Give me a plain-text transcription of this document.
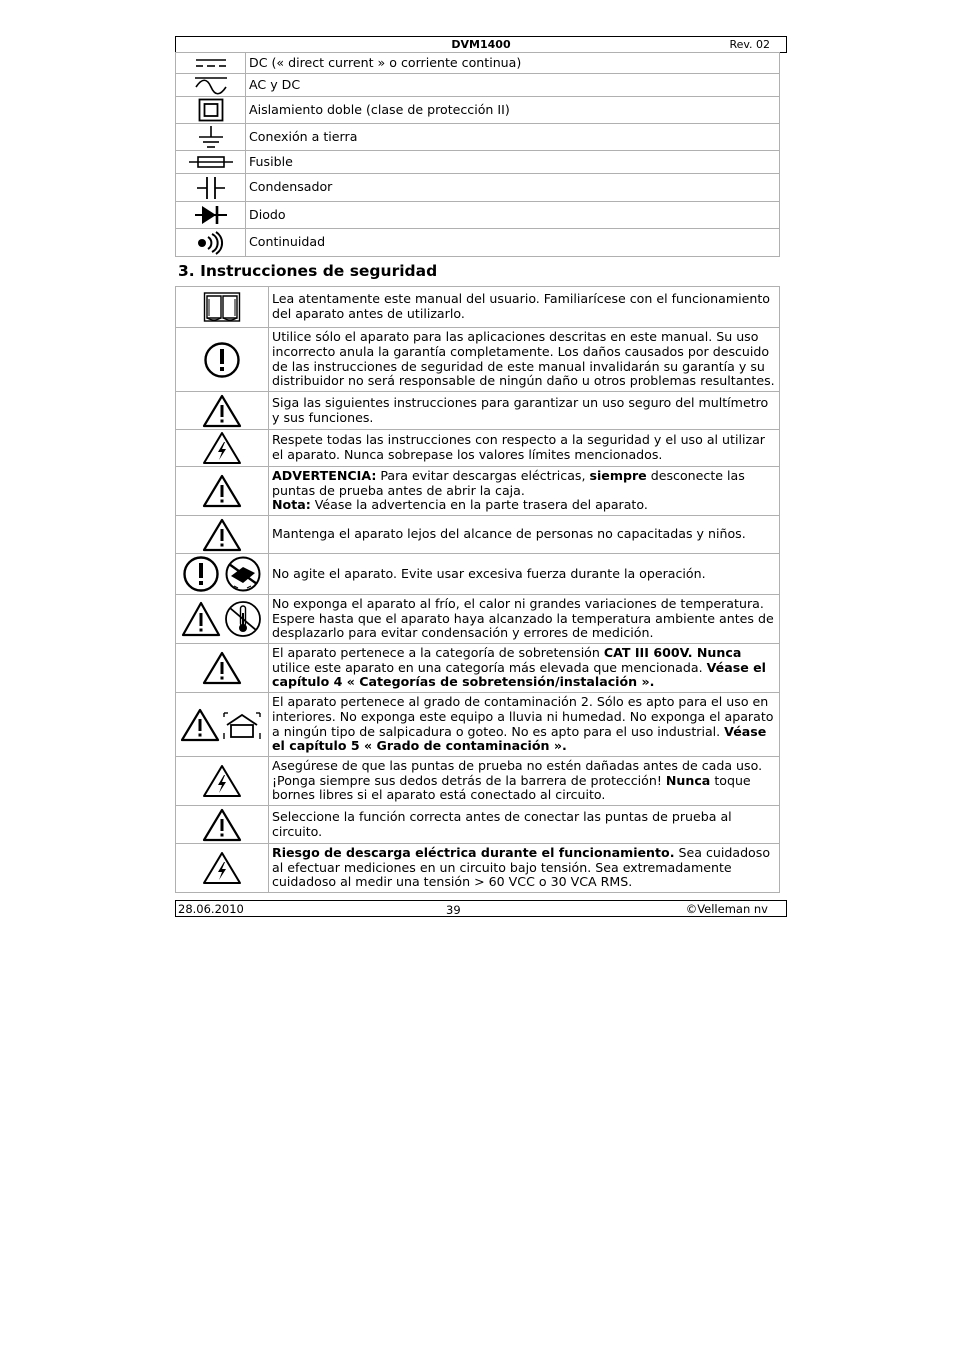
DVM1400	Rev. 02
	DC (« direct current » o corriente continua)

	AC y DC

	Aislamiento doble (clase de protección II)

	Conexión a tierra

	Fusible

	Condensador

	Diodo

	Continuidad
3. Instrucciones de seguridad
	Lea atentamente este manual del usuario. Familiarícese con el funcionamiento del aparato antes de utilizarlo.

	Utilice sólo el aparato para las aplicaciones descritas en este manual. Su uso incorrecto anula la garantía completamente. Los daños causados por descuido de las instrucciones de seguridad de este manual invalidarán su garantía y su distribuidor no será responsable de ningún daño u otros problemas resultantes.

	Siga las siguientes instrucciones para garantizar un uso seguro del multímetro y sus funciones.

	Respete todas las instrucciones con respecto a la seguridad y el uso al utilizar el aparato. Nunca sobrepase los valores límites mencionados.

	ADVERTENCIA: Para evitar descargas eléctricas, siempre desconecte las puntas de prueba antes de abrir la caja.
Nota: Véase la advertencia en la parte trasera del aparato.

	Mantenga el aparato lejos del alcance de personas no capacitadas y niños.

	No agite el aparato. Evite usar excesiva fuerza durante la operación.

	No exponga el aparato al frío, el calor ni grandes variaciones de temperatura. Espere hasta que el aparato haya alcanzado la temperatura ambiente antes de desplazarlo para evitar condensación y errores de medición.

	El aparato pertenece a la categoría de sobretensión CAT III 600V. Nunca utilice este aparato en una categoría más elevada que mencionada. Véase el capítulo 4 « Categorías de sobretensión/instalación ».

	El aparato pertenece al grado de contaminación 2. Sólo es apto para el uso en interiores. No exponga este equipo a lluvia ni humedad. No exponga el aparato a ningún tipo de salpicadura o goteo. No es apto para el uso industrial. Véase el capítulo 5 « Grado de contaminación ».

	Asegúrese de que las puntas de prueba no estén dañadas antes de cada uso. ¡Ponga siempre sus dedos detrás de la barrera de protección! Nunca toque bornes libres si el aparato está conectado al circuito.

	Seleccione la función correcta antes de conectar las puntas de prueba al circuito.

	Riesgo de descarga eléctrica durante el funcionamiento. Sea cuidadoso al efectuar mediciones en un circuito bajo tensión. Sea extremadamente cuidadoso al medir una tensión > 60 VCC o 30 VCA RMS.
28.06.2010	39	©Velleman nv
